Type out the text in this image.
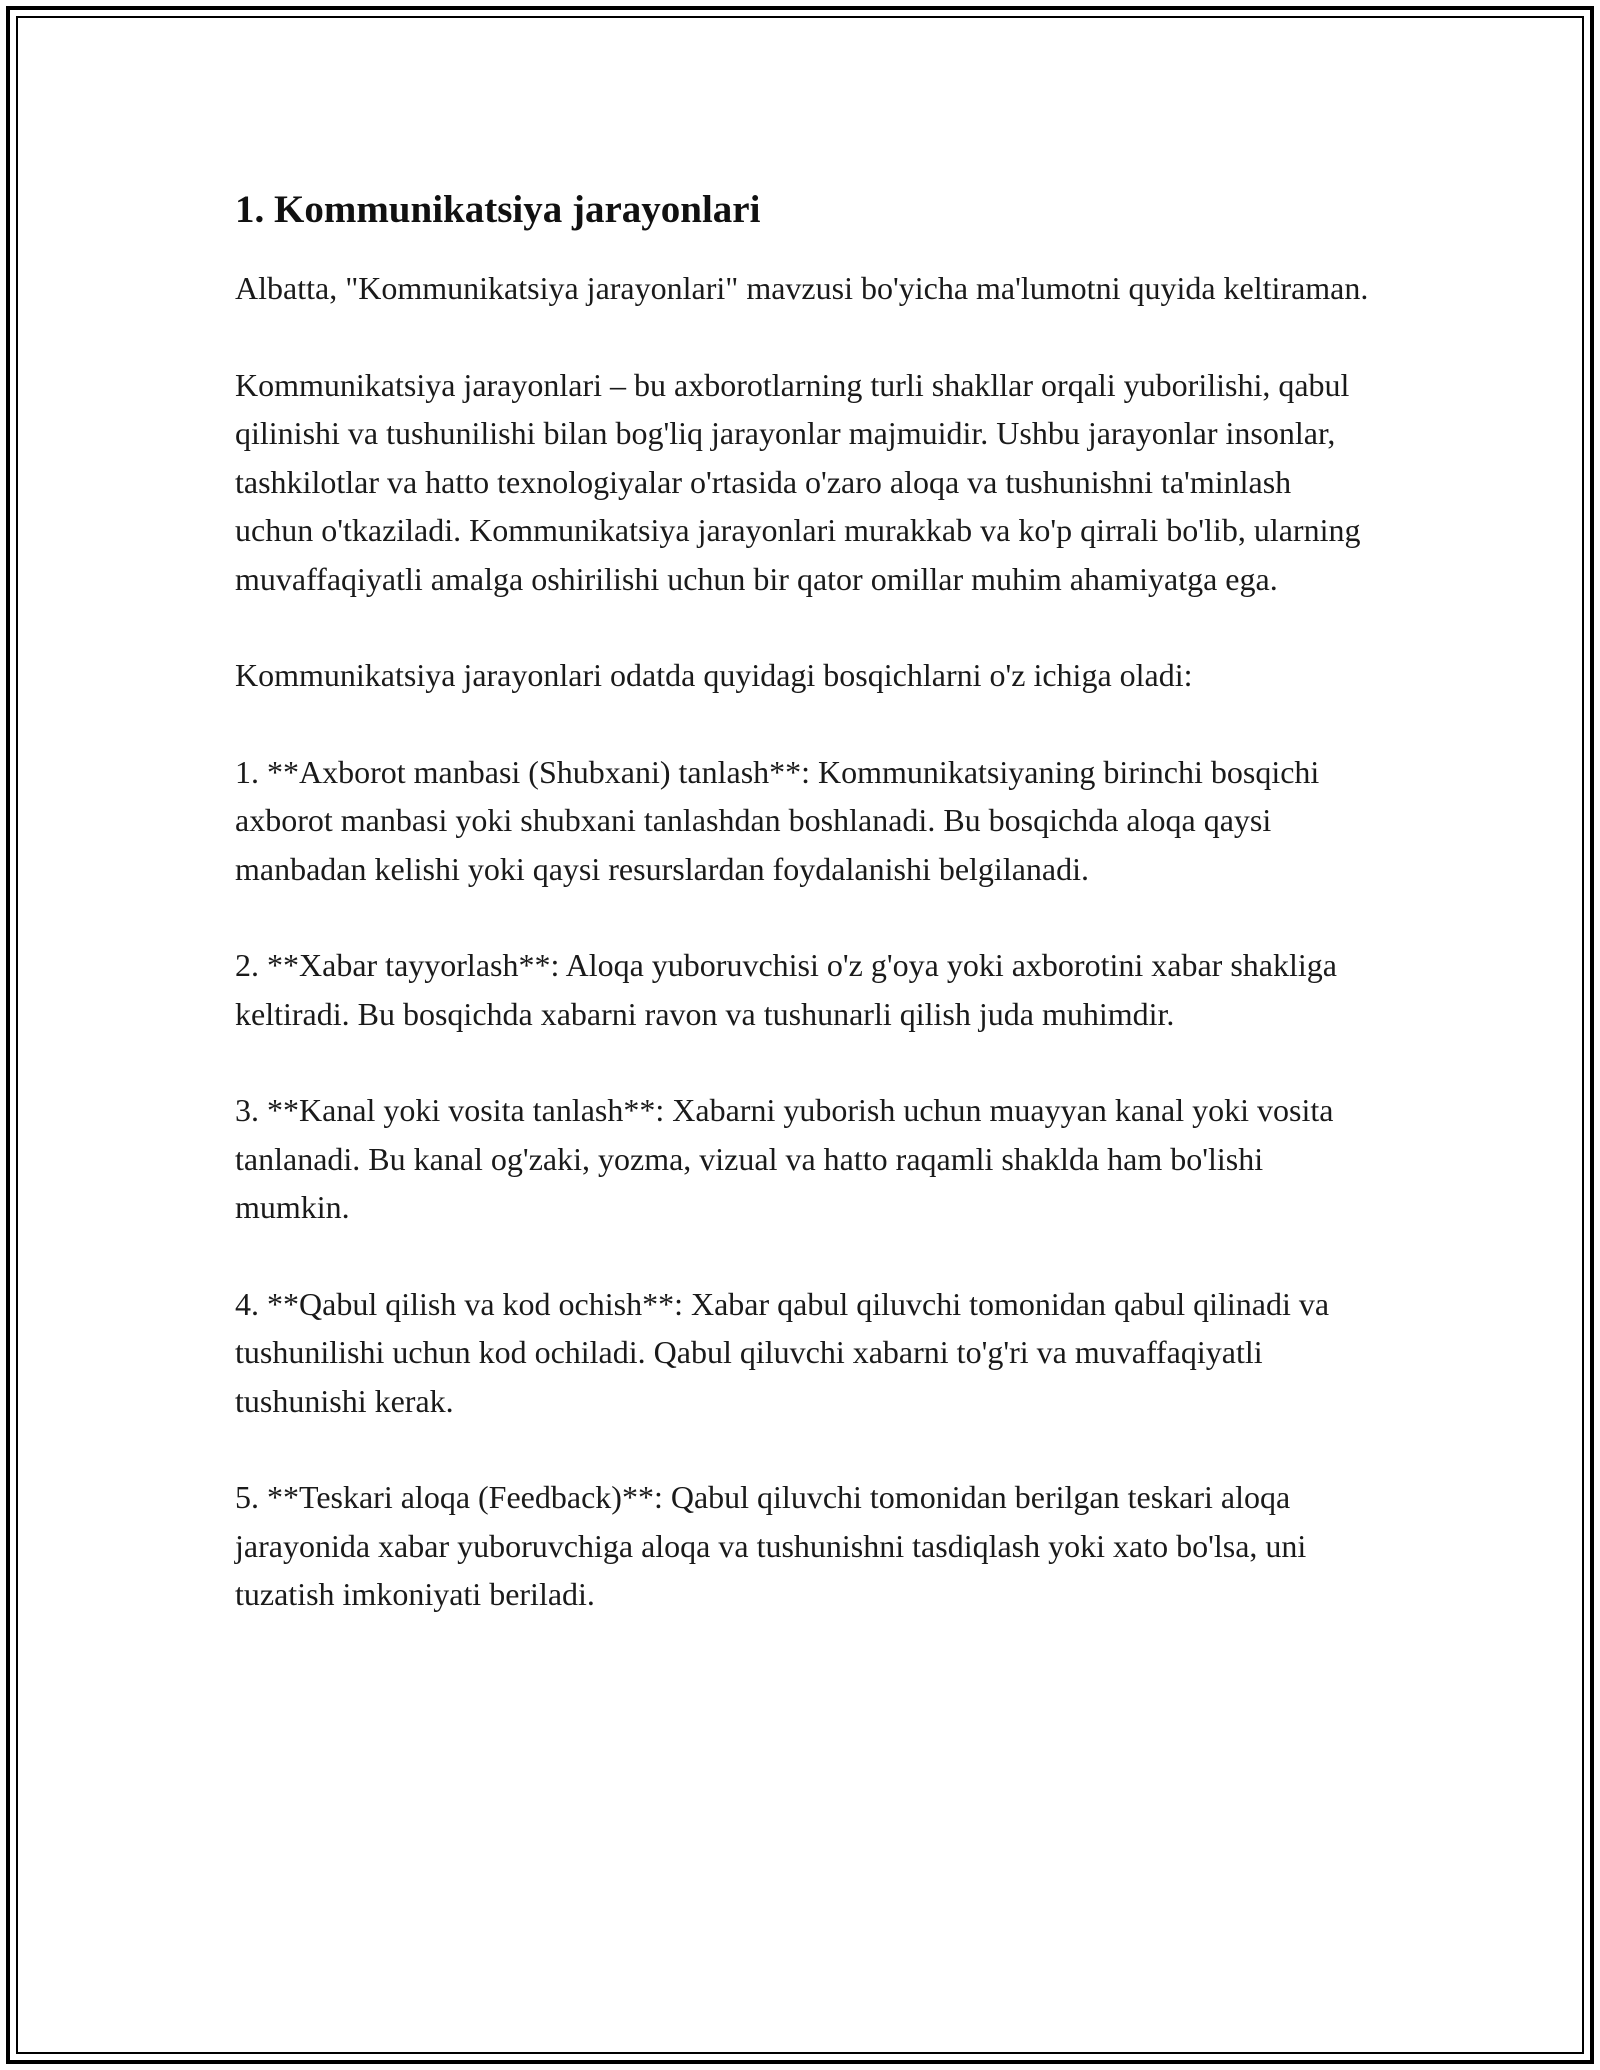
1. Kommunikatsiya jarayonlari

Albatta, "Kommunikatsiya jarayonlari" mavzusi bo'yicha ma'lumotni quyida keltiraman.

Kommunikatsiya jarayonlari – bu axborotlarning turli shakllar orqali yuborilishi, qabul qilinishi va tushunilishi bilan bog'liq jarayonlar majmuidir. Ushbu jarayonlar insonlar, tashkilotlar va hatto texnologiyalar o'rtasida o'zaro aloqa va tushunishni ta'minlash uchun o'tkaziladi. Kommunikatsiya jarayonlari murakkab va ko'p qirrali bo'lib, ularning muvaffaqiyatli amalga oshirilishi uchun bir qator omillar muhim ahamiyatga ega.

Kommunikatsiya jarayonlari odatda quyidagi bosqichlarni o'z ichiga oladi:

1. **Axborot manbasi (Shubxani) tanlash**: Kommunikatsiyaning birinchi bosqichi axborot manbasi yoki shubxani tanlashdan boshlanadi. Bu bosqichda aloqa qaysi manbadan kelishi yoki qaysi resurslardan foydalanishi belgilanadi.

2. **Xabar tayyorlash**: Aloqa yuboruvchisi o'z g'oya yoki axborotini xabar shakliga keltiradi. Bu bosqichda xabarni ravon va tushunarli qilish juda muhimdir.

3. **Kanal yoki vosita tanlash**: Xabarni yuborish uchun muayyan kanal yoki vosita tanlanadi. Bu kanal og'zaki, yozma, vizual va hatto raqamli shaklda ham bo'lishi mumkin.

4. **Qabul qilish va kod ochish**: Xabar qabul qiluvchi tomonidan qabul qilinadi va tushunilishi uchun kod ochiladi. Qabul qiluvchi xabarni to'g'ri va muvaffaqiyatli tushunishi kerak.

5. **Teskari aloqa (Feedback)**: Qabul qiluvchi tomonidan berilgan teskari aloqa jarayonida xabar yuboruvchiga aloqa va tushunishni tasdiqlash yoki xato bo'lsa, uni tuzatish imkoniyati beriladi.
